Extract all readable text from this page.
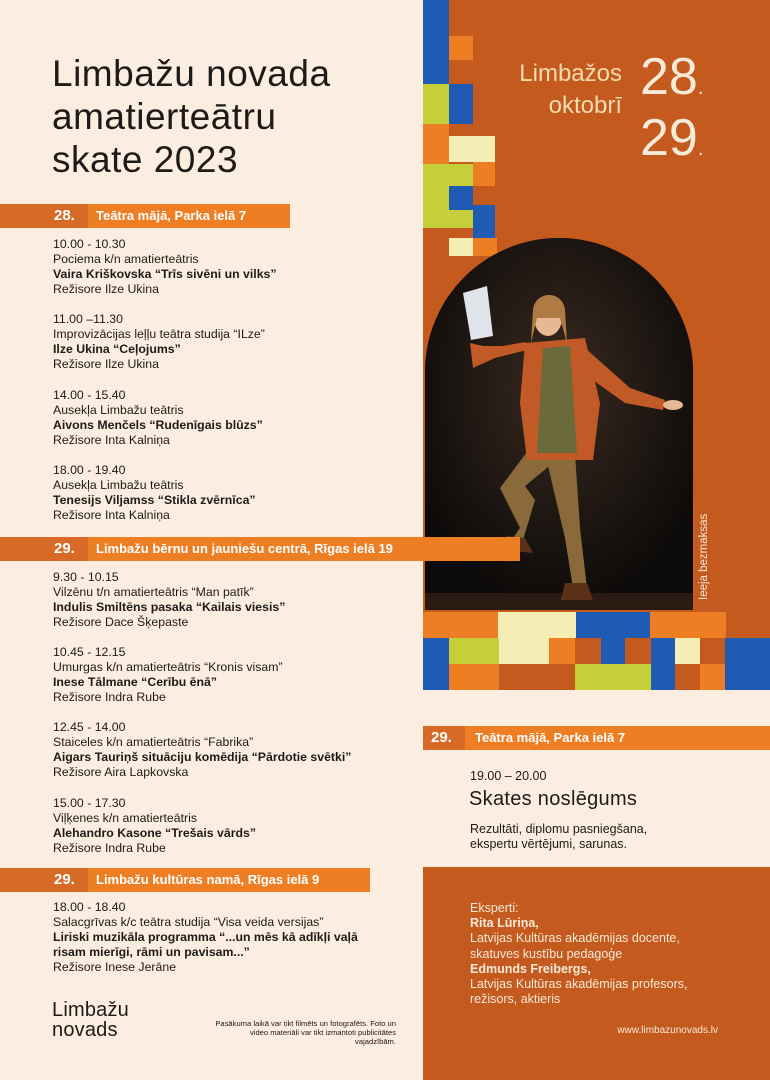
Limbažu novada
amatierteātru
skate 2023
Limbažos
oktobrī 28.
29.
28. Teātra mājā, Parka ielā 7
10.00 - 10.30
Pociema k/n amatierteātris
Vaira Kriškovska “Trīs sivēni un vilks”
Režisore Ilze Ukina
11.00 –11.30
Improvizācijas leļļu teātra studija “ILze”
Ilze Ukina “Ceļojums”
Režisore Ilze Ukina
14.00 - 15.40
Ausekļa Limbažu teātris
Aivons Menčels “Rudenīgais blūzs”
Režisore Inta Kalniņa
18.00 - 19.40
Ausekļa Limbažu teātris
Tenesijs Viljamss “Stikla zvērnīca”
Režisore Inta Kalniņa
29. Limbažu bērnu un jauniešu centrā, Rīgas ielā 19
9.30 - 10.15
Vilzēnu t/n amatierteātris “Man patīk”
Indulis Smiltēns pasaka “Kailais viesis”
Režisore Dace Šķepaste
10.45 - 12.15
Umurgas k/n amatierteātris “Kronis visam”
Inese Tālmane “Cerību ēnā”
Režisore Indra Rube
12.45 - 14.00
Staiceles k/n amatierteātris “Fabrika”
Aigars Tauriņš situāciju komēdija “Pārdotie svētki”
Režisore Aira Lapkovska
15.00 - 17.30
Viļķenes k/n amatierteātris
Alehandro Kasone “Trešais vārds”
Režisore Indra Rube
29. Limbažu kultūras namā, Rīgas ielā 9
18.00 - 18.40
Salacgrīvas k/c teātra studija “Visa veida versijas”
Liriski muzikāla programma “...un mēs kā adīkļi vaļā
risam mierīgi, rāmi un pavisam...”
Režisore Inese Jerāne
29. Teātra mājā, Parka ielā 7
19.00 – 20.00
Skates noslēgums
Rezultāti, diplomu pasniegšana,
ekspertu vērtējumi, sarunas.
Eksperti:
Rita Lūriņa,
Latvijas Kultūras akadēmijas docente,
skatuves kustību pedagoģe
Edmunds Freibergs,
Latvijas Kultūras akadēmijas profesors,
režisors, aktieris
Ieeja bezmaksas
www.limbazunovads.lv
Limbažu
novads	Pasākuma laikā var tikt filmēts un fotografēts. Foto un
video materiāli var tikt izmantoti publicitātes vajadzībām.
